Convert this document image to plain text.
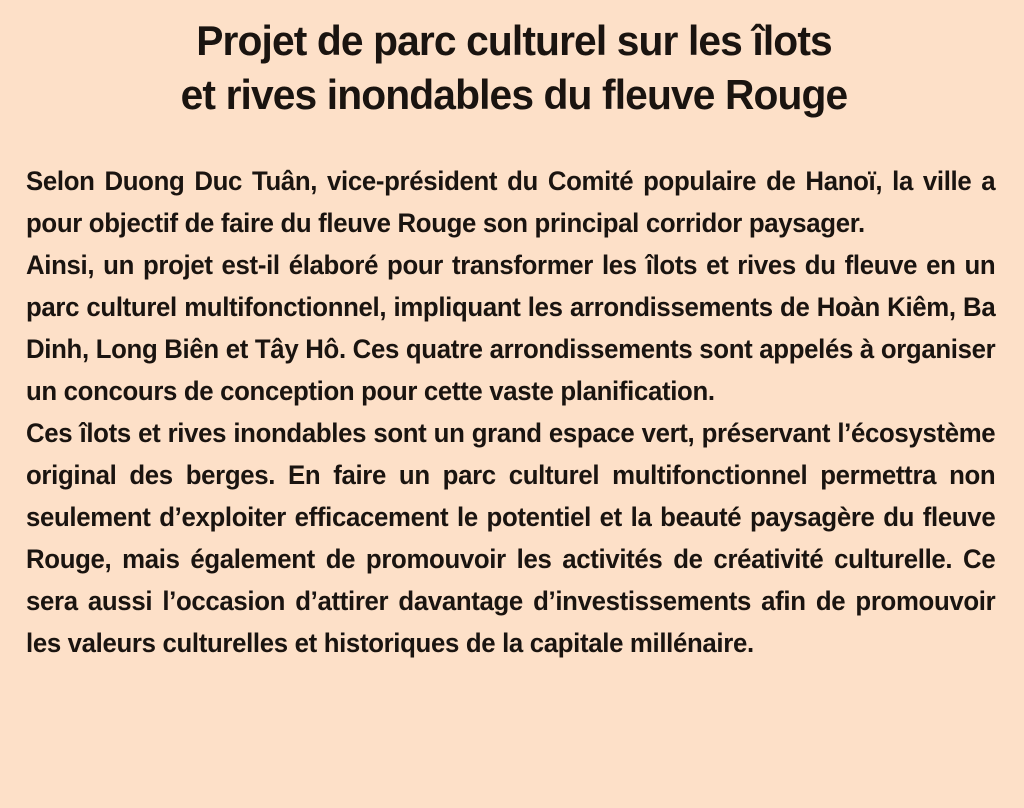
Projet de parc culturel sur les îlots
et rives inondables du fleuve Rouge

Selon Duong Duc Tuân, vice-président du Comité populaire de Hanoï, la ville a pour objectif de faire du fleuve Rouge son principal corridor paysager.

Ainsi, un projet est-il élaboré pour transformer les îlots et rives du fleuve en un parc culturel multifonctionnel, impliquant les arrondissements de Hoàn Kiêm, Ba Dinh, Long Biên et Tây Hô. Ces quatre arrondissements sont appelés à organiser un concours de conception pour cette vaste planification.

Ces îlots et rives inondables sont un grand espace vert, préservant l’écosystème original des berges. En faire un parc culturel multifonctionnel permettra non seulement d’exploiter efficacement le potentiel et la beauté paysagère du fleuve Rouge, mais également de promouvoir les activités de créativité culturelle. Ce sera aussi l’occasion d’attirer davantage d’investissements afin de promouvoir les valeurs culturelles et historiques de la capitale millénaire.
